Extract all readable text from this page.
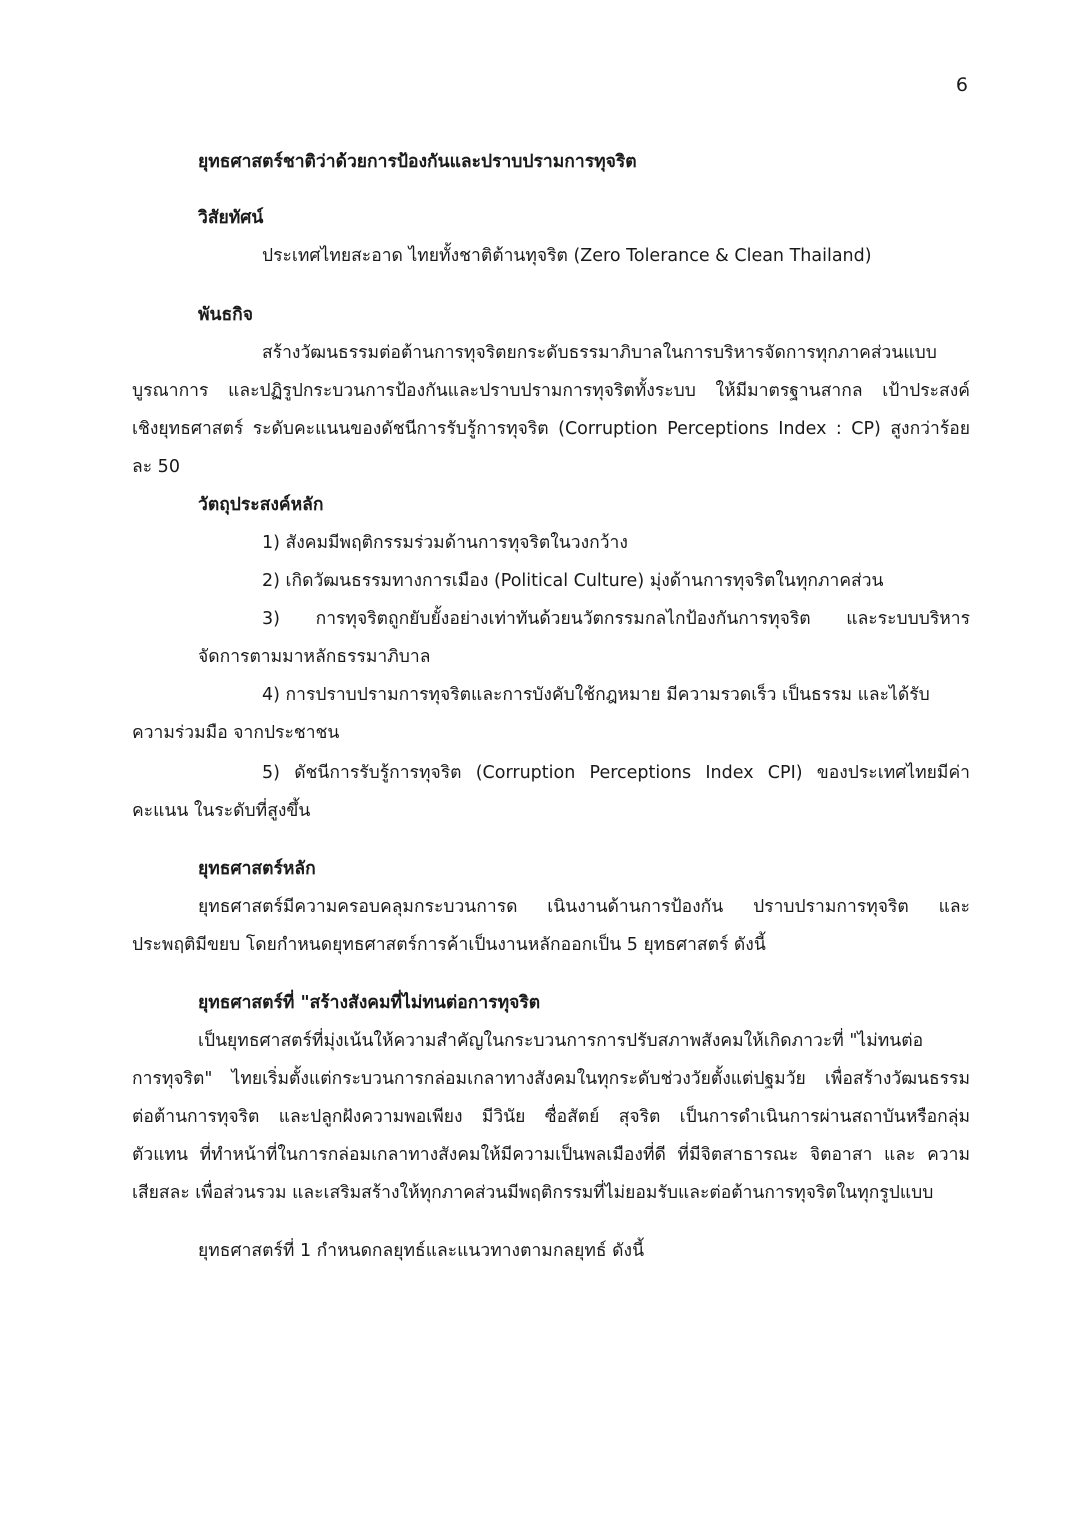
6
ยุทธศาสตร์ชาติว่าด้วยการป้องกันและปราบปรามการทุจริต
วิสัยทัศน์
ประเทศไทยสะอาด ไทยทั้งชาติต้านทุจริต (Zero Tolerance & Clean Thailand)
พันธกิจ
สร้างวัฒนธรรมต่อต้านการทุจริตยกระดับธรรมาภิบาลในการบริหารจัดการทุกภาคส่วนแบบ
บูรณาการ และปฏิรูปกระบวนการป้องกันและปราบปรามการทุจริตทั้งระบบ ให้มีมาตรฐานสากล เป้าประสงค์
เชิงยุทธศาสตร์ ระดับคะแนนของดัชนีการรับรู้การทุจริต (Corruption Perceptions Index : CP) สูงกว่าร้อย
ละ 50
วัตถุประสงค์หลัก
1) สังคมมีพฤติกรรมร่วมด้านการทุจริตในวงกว้าง
2) เกิดวัฒนธรรมทางการเมือง (Political Culture) มุ่งด้านการทุจริตในทุกภาคส่วน
3) การทุจริตถูกยับยั้งอย่างเท่าทันด้วยนวัตกรรมกลไกป้องกันการทุจริต และระบบบริหาร
จัดการตามมาหลักธรรมาภิบาล
4) การปราบปรามการทุจริตและการบังคับใช้กฎหมาย มีความรวดเร็ว เป็นธรรม และได้รับ
ความร่วมมือ จากประชาชน
5) ดัชนีการรับรู้การทุจริต (Corruption Perceptions Index CPI) ของประเทศไทยมีค่า
คะแนน ในระดับที่สูงขึ้น
ยุทธศาสตร์หลัก
ยุทธศาสตร์มีความครอบคลุมกระบวนการด เนินงานด้านการป้องกัน ปราบปรามการทุจริต และ
ประพฤติมีขยบ โดยกำหนดยุทธศาสตร์การค้าเป็นงานหลักออกเป็น 5 ยุทธศาสตร์ ดังนี้
ยุทธศาสตร์ที่ "สร้างสังคมที่ไม่ทนต่อการทุจริต
เป็นยุทธศาสตร์ที่มุ่งเน้นให้ความสำคัญในกระบวนการการปรับสภาพสังคมให้เกิดภาวะที่ "ไม่ทนต่อ
การทุจริต" ไทยเริ่มตั้งแต่กระบวนการกล่อมเกลาทางสังคมในทุกระดับช่วงวัยตั้งแต่ปฐมวัย เพื่อสร้างวัฒนธรรม
ต่อต้านการทุจริต และปลูกฝังความพอเพียง มีวินัย ซื่อสัตย์ สุจริต เป็นการดำเนินการผ่านสถาบันหรือกลุ่ม
ตัวแทน ที่ทำหน้าที่ในการกล่อมเกลาทางสังคมให้มีความเป็นพลเมืองที่ดี ที่มีจิตสาธารณะ จิตอาสา และ ความ
เสียสละ เพื่อส่วนรวม และเสริมสร้างให้ทุกภาคส่วนมีพฤติกรรมที่ไม่ยอมรับและต่อต้านการทุจริตในทุกรูปแบบ
ยุทธศาสตร์ที่ 1 กำหนดกลยุทธ์และแนวทางตามกลยุทธ์ ดังนี้
